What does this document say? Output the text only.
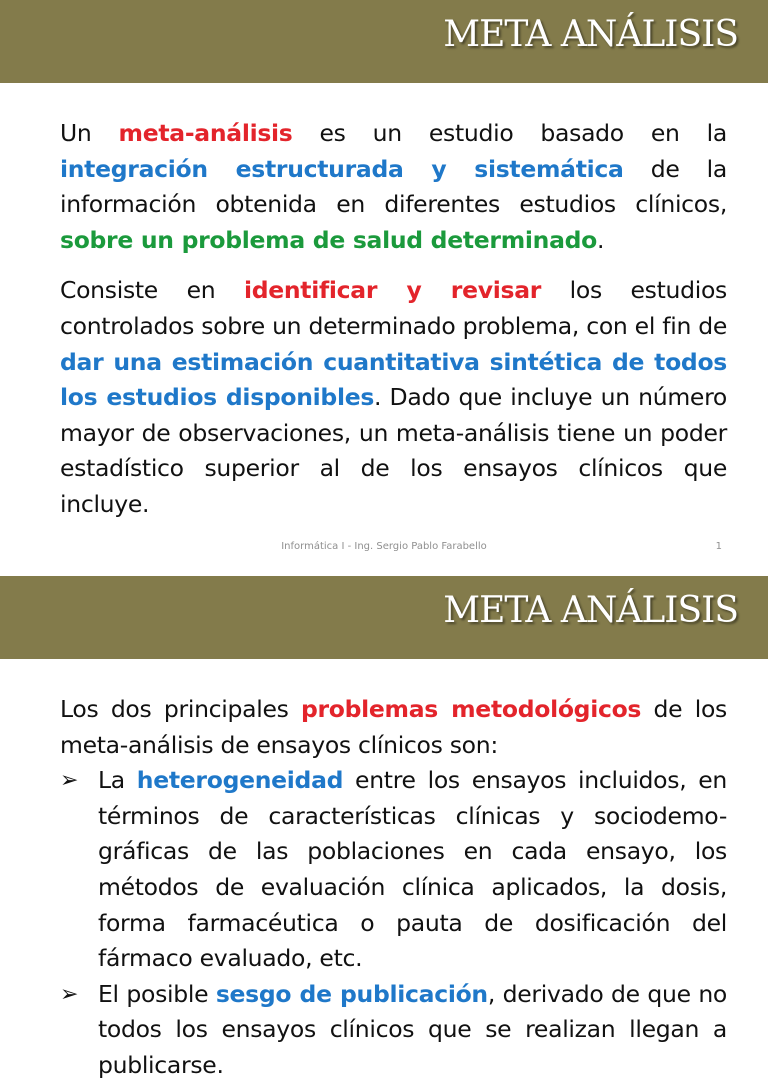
META ANÁLISIS

Un meta-análisis es un estudio basado en la integración estructurada y sistemática de la información obtenida en diferentes estudios clínicos, sobre un problema de salud determinado.

Consiste en identificar y revisar los estudios controlados sobre un determinado problema, con el fin de dar una estimación cuantitativa sintética de todos los estudios disponibles. Dado que incluye un número mayor de observaciones, un meta-análisis tiene un poder estadístico superior al de los ensayos clínicos que incluye.

Informática I - Ing. Sergio Pablo Farabello	1
META ANÁLISIS

Los dos principales problemas metodológicos de los meta-análisis de ensayos clínicos son:

➢ La heterogeneidad entre los ensayos incluidos, en términos de características clínicas y sociodemo-gráficas de las poblaciones en cada ensayo, los métodos de evaluación clínica aplicados, la dosis, forma farmacéutica o pauta de dosificación del fármaco evaluado, etc.
➢ El posible sesgo de publicación, derivado de que no todos los ensayos clínicos que se realizan llegan a publicarse.
